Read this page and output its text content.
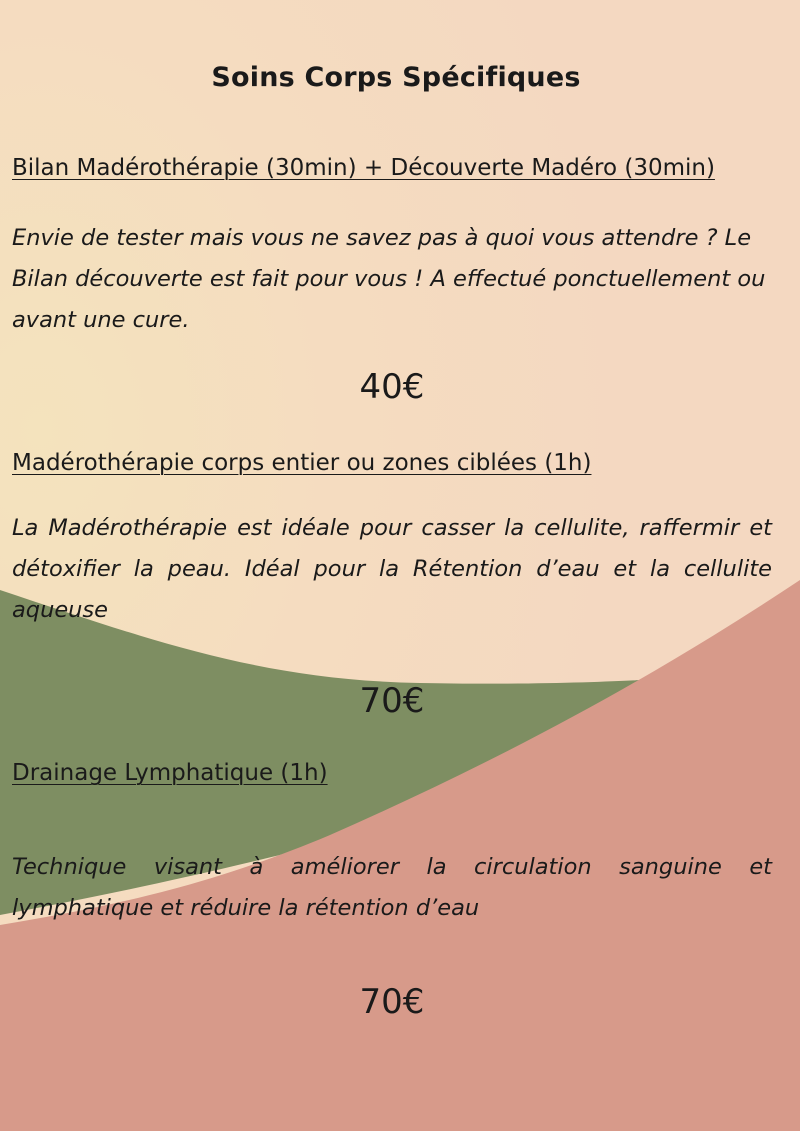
Soins Corps Spécifiques
Bilan Madérothérapie (30min) + Découverte Madéro (30min)
Envie de tester mais vous ne savez pas à quoi vous attendre ? Le Bilan découverte est fait pour vous ! A effectué ponctuellement ou avant une cure.
40€
Madérothérapie corps entier ou zones ciblées (1h)
La Madérothérapie est idéale pour casser la cellulite, raffermir et détoxifier la peau. Idéal pour la Rétention d’eau et la cellulite aqueuse
70€
Drainage Lymphatique (1h)
Technique visant à améliorer la circulation sanguine et lymphatique et réduire la rétention d’eau
70€
